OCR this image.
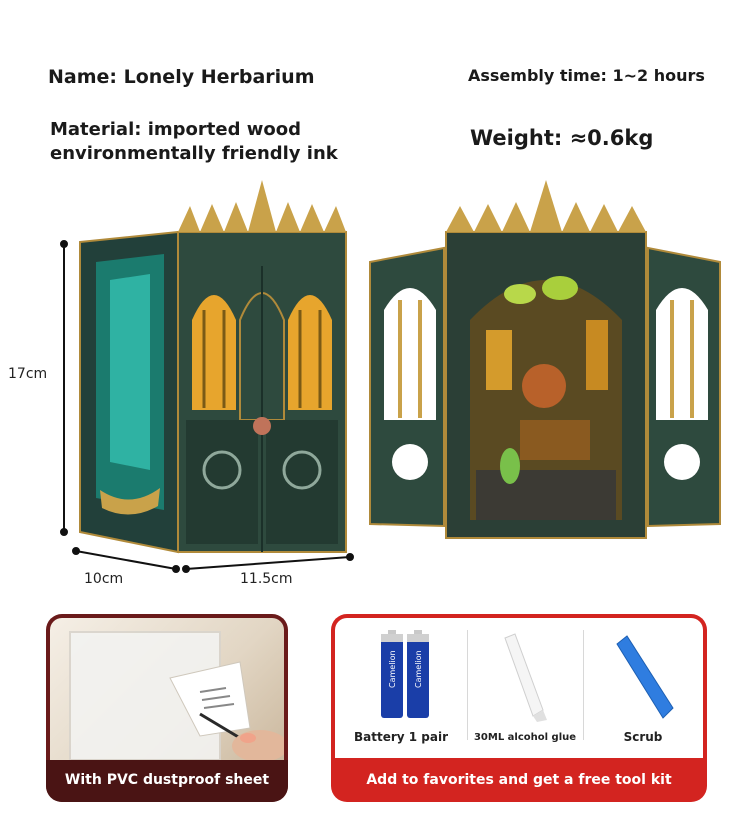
Name: Lonely Herbarium	Assembly time: 1~2 hours
Material: imported wood
environmentally friendly ink
Weight: ≈0.6kg
17cm
10cm	11.5cm
With PVC dustproof sheet
Camelion Camelion
Battery 1 pair	30ML alcohol glue	Scrub
Add to favorites and get a free tool kit
